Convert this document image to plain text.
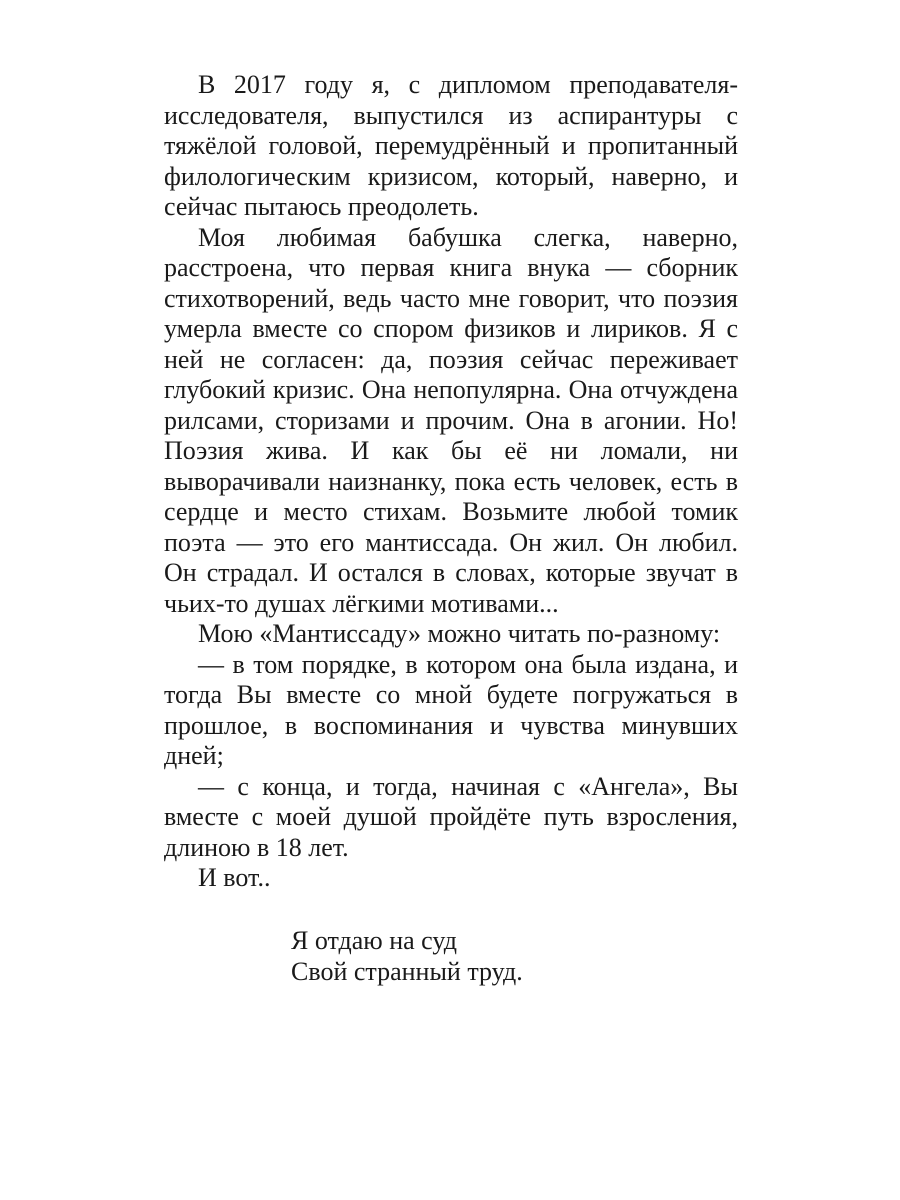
В 2017 году я, с дипломом преподавателя-исследователя, выпустился из аспирантуры с тяжёлой головой, перемудрённый и пропитанный филологическим кризисом, который, наверно, и сейчас пытаюсь преодолеть.

Моя любимая бабушка слегка, наверно, расстроена, что первая книга внука — сборник стихотворений, ведь часто мне говорит, что поэзия умерла вместе со спором физиков и лириков. Я с ней не согласен: да, поэзия сейчас переживает глубокий кризис. Она непопулярна. Она отчуждена рилсами, сторизами и прочим. Она в агонии. Но! Поэзия жива. И как бы её ни ломали, ни выворачивали наизнанку, пока есть человек, есть в сердце и место стихам. Возьмите любой томик поэта — это его мантиссада. Он жил. Он любил. Он страдал. И остался в словах, которые звучат в чьих-то душах лёгкими мотивами...

Мою «Мантиссаду» можно читать по-разному:

— в том порядке, в котором она была издана, и тогда Вы вместе со мной будете погружаться в прошлое, в воспоминания и чувства минувших дней;

— с конца, и тогда, начиная с «Ангела», Вы вместе с моей душой пройдёте путь взросления, длиною в 18 лет.

И вот..

Я отдаю на суд
Свой странный труд.
